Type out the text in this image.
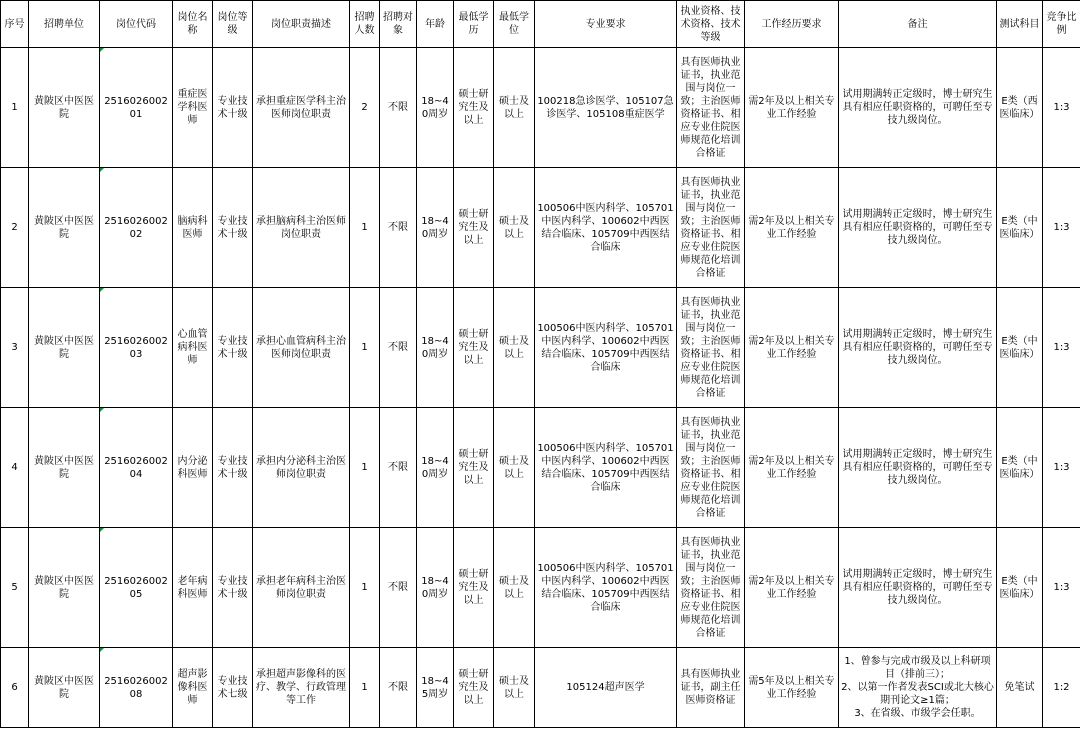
序号	招聘单位	岗位代码	岗位名称	岗位等级	岗位职责描述	招聘人数	招聘对象	年龄	最低学历	最低学位	专业要求	执业资格、技术资格、技术等级	工作经历要求	备注	测试科目	竞争比例
1	黄陂区中医医院	251602600201	重症医学科医师	专业技术十级	承担重症医学科主治医师岗位职责	2	不限	18~40周岁	硕士研究生及以上	硕士及以上	100218急诊医学、105107急诊医学、105108重症医学	具有医师执业证书，执业范围与岗位一致；主治医师资格证书、相应专业住院医师规范化培训合格证	需2年及以上相关专业工作经验	试用期满转正定级时，博士研究生具有相应任职资格的，可聘任至专技九级岗位。	E类（西医临床）	1:3
2	黄陂区中医医院	251602600202	脑病科医师	专业技术十级	承担脑病科主治医师岗位职责	1	不限	18~40周岁	硕士研究生及以上	硕士及以上	100506中医内科学、105701中医内科学、100602中西医结合临床、105709中西医结合临床	具有医师执业证书，执业范围与岗位一致；主治医师资格证书、相应专业住院医师规范化培训合格证	需2年及以上相关专业工作经验	试用期满转正定级时，博士研究生具有相应任职资格的，可聘任至专技九级岗位。	E类（中医临床）	1:3
3	黄陂区中医医院	251602600203	心血管病科医师	专业技术十级	承担心血管病科主治医师岗位职责	1	不限	18~40周岁	硕士研究生及以上	硕士及以上	100506中医内科学、105701中医内科学、100602中西医结合临床、105709中西医结合临床	具有医师执业证书，执业范围与岗位一致；主治医师资格证书、相应专业住院医师规范化培训合格证	需2年及以上相关专业工作经验	试用期满转正定级时，博士研究生具有相应任职资格的，可聘任至专技九级岗位。	E类（中医临床）	1:3
4	黄陂区中医医院	251602600204	内分泌科医师	专业技术十级	承担内分泌科主治医师岗位职责	1	不限	18~40周岁	硕士研究生及以上	硕士及以上	100506中医内科学、105701中医内科学、100602中西医结合临床、105709中西医结合临床	具有医师执业证书，执业范围与岗位一致；主治医师资格证书、相应专业住院医师规范化培训合格证	需2年及以上相关专业工作经验	试用期满转正定级时，博士研究生具有相应任职资格的，可聘任至专技九级岗位。	E类（中医临床）	1:3
5	黄陂区中医医院	251602600205	老年病科医师	专业技术十级	承担老年病科主治医师岗位职责	1	不限	18~40周岁	硕士研究生及以上	硕士及以上	100506中医内科学、105701中医内科学、100602中西医结合临床、105709中西医结合临床	具有医师执业证书，执业范围与岗位一致；主治医师资格证书、相应专业住院医师规范化培训合格证	需2年及以上相关专业工作经验	试用期满转正定级时，博士研究生具有相应任职资格的，可聘任至专技九级岗位。	E类（中医临床）	1:3
6	黄陂区中医医院	251602600208	超声影像科医师	专业技术七级	承担超声影像科的医疗、教学、行政管理等工作	1	不限	18~45周岁	硕士研究生及以上	硕士及以上	105124超声医学	具有医师执业证书，副主任医师资格证	需5年及以上相关专业工作经验	1、曾参与完成市级及以上科研项目（排前三）；
2、以第一作者发表SCI或北大核心期刊论文≥1篇；
3、在省级、市级学会任职。	免笔试	1:2
